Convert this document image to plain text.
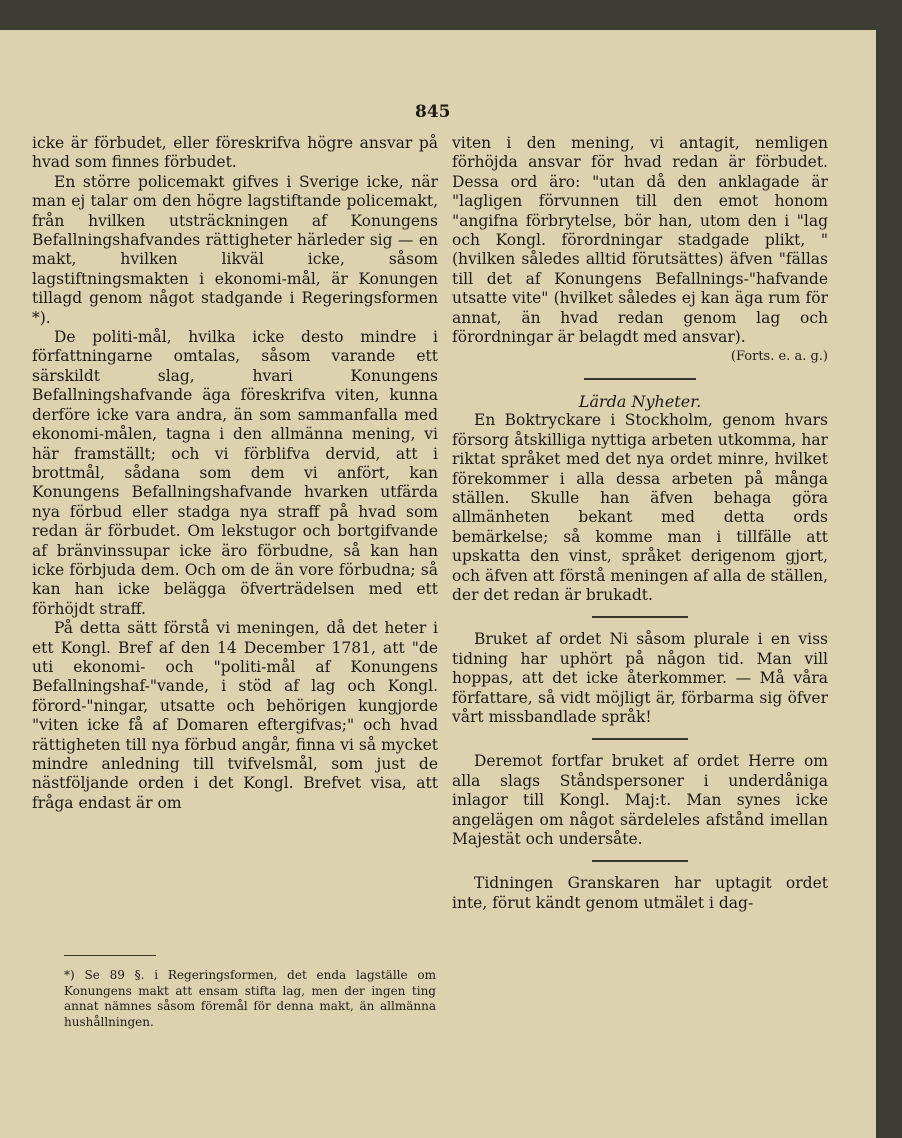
845

icke är förbudet, eller föreskrifva högre ansvar på hvad som finnes förbudet.

En större policemakt gifves i Sverige icke, när man ej talar om den högre lagstiftande policemakt, från hvilken utsträckningen af Konungens Befallningshafvandes rättigheter härleder sig — en makt, hvilken likväl icke, såsom lagstiftningsmakten i ekonomi-mål, är Konungen tillagd genom något stadgande i Regeringsformen *).

De politi-mål, hvilka icke desto mindre i författningarne omtalas, såsom varande ett särskildt slag, hvari Konungens Befallningshafvande äga föreskrifva viten, kunna derföre icke vara andra, än som sammanfalla med ekonomi-målen, tagna i den allmänna mening, vi här framställt; och vi förblifva dervid, att i brottmål, sådana som dem vi anfört, kan Konungens Befallningshafvande hvarken utfärda nya förbud eller stadga nya straff på hvad som redan är förbudet. Om lekstugor och bortgifvande af bränvinssupar icke äro förbudne, så kan han icke förbjuda dem. Och om de än vore förbudna; så kan han icke belägga öfverträdelsen med ett förhöjdt straff.

På detta sätt förstå vi meningen, då det heter i ett Kongl. Bref af den 14 December 1781, att "de uti ekonomi- och "politi-mål af Konungens Befallningshaf-"vande, i stöd af lag och Kongl. förord-"ningar, utsatte och behörigen kungjorde "viten icke få af Domaren eftergifvas;" och hvad rättigheten till nya förbud angår, finna vi så mycket mindre anledning till tvifvelsmål, som just de nästföljande orden i det Kongl. Brefvet visa, att fråga endast är om

*) Se 89 §. i Regeringsformen, det enda lagställe om Konungens makt att ensam stifta lag, men der ingen ting annat nämnes såsom föremål för denna makt, än allmänna hushållningen.

viten i den mening, vi antagit, nemligen förhöjda ansvar för hvad redan är förbudet. Dessa ord äro: "utan då den anklagade är "lagligen förvunnen till den emot honom "angifna förbrytelse, bör han, utom den i "lag och Kongl. förordningar stadgade plikt, "(hvilken således alltid förutsättes) äfven "fällas till det af Konungens Befallnings-"hafvande utsatte vite" (hvilket således ej kan äga rum för annat, än hvad redan genom lag och förordningar är belagdt med ansvar).

(Forts. e. a. g.)

Lärda Nyheter.

En Boktryckare i Stockholm, genom hvars försorg åtskilliga nyttiga arbeten utkomma, har riktat språket med det nya ordet minre, hvilket förekommer i alla dessa arbeten på många ställen. Skulle han äfven behaga göra allmänheten bekant med detta ords bemärkelse; så komme man i tillfälle att upskatta den vinst, språket derigenom gjort, och äfven att förstå meningen af alla de ställen, der det redan är brukadt.

Bruket af ordet Ni såsom plurale i en viss tidning har uphört på någon tid. Man vill hoppas, att det icke återkommer. — Må våra författare, så vidt möjligt är, förbarma sig öfver vårt missbandlade språk!

Deremot fortfar bruket af ordet Herre om alla slags Ståndspersoner i underdåniga inlagor till Kongl. Maj:t. Man synes icke angelägen om något särdeleles afstånd imellan Majestät och undersåte.

Tidningen Granskaren har uptagit ordet inte, förut kändt genom utmälet i dag-
